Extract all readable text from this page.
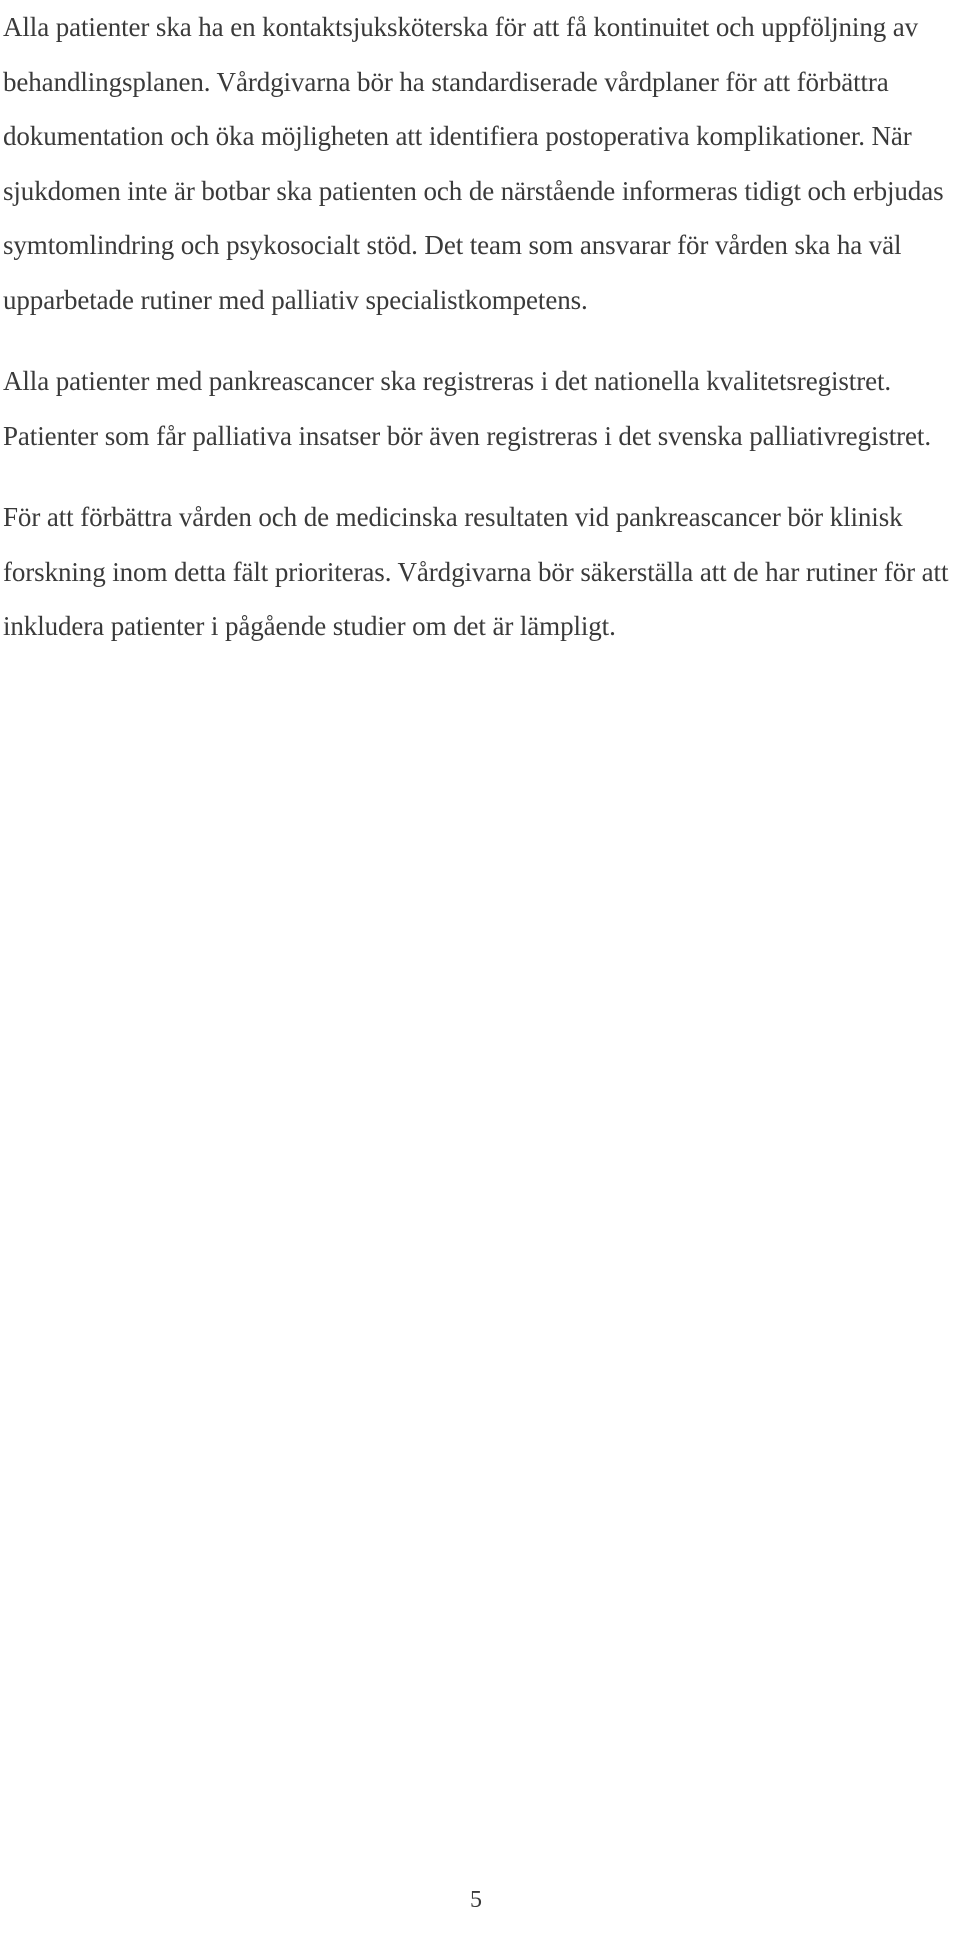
Alla patienter ska ha en kontaktsjuksköterska för att få kontinuitet och uppföljning av behandlingsplanen. Vårdgivarna bör ha standardiserade vårdplaner för att förbättra dokumentation och öka möjligheten att identifiera postoperativa komplikationer. När sjukdomen inte är botbar ska patienten och de närstående informeras tidigt och erbjudas symtomlindring och psykosocialt stöd. Det team som ansvarar för vården ska ha väl upparbetade rutiner med palliativ specialistkompetens.

Alla patienter med pankreascancer ska registreras i det nationella kvalitetsregistret. Patienter som får palliativa insatser bör även registreras i det svenska palliativregistret.

För att förbättra vården och de medicinska resultaten vid pankreascancer bör klinisk forskning inom detta fält prioriteras. Vårdgivarna bör säkerställa att de har rutiner för att inkludera patienter i pågående studier om det är lämpligt.

5
